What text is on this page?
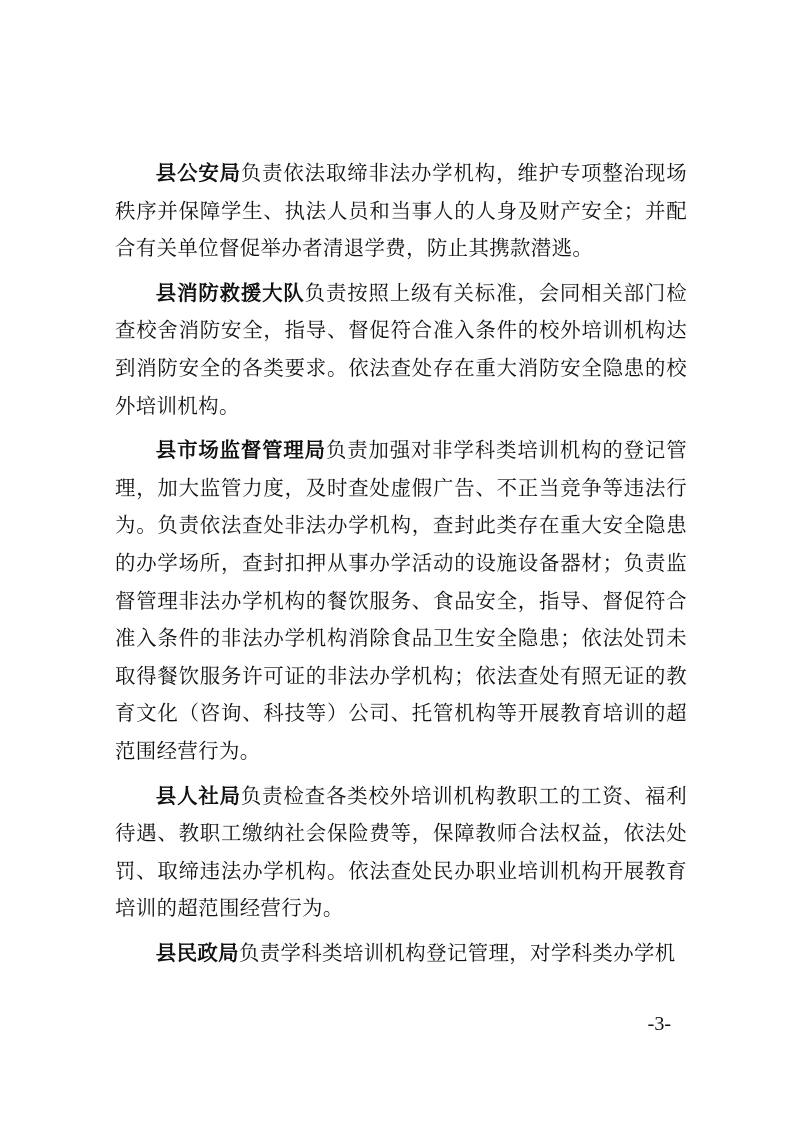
县公安局负责依法取缔非法办学机构，维护专项整治现场秩序并保障学生、执法人员和当事人的人身及财产安全；并配合有关单位督促举办者清退学费，防止其携款潜逃。

县消防救援大队负责按照上级有关标准，会同相关部门检查校舍消防安全，指导、督促符合准入条件的校外培训机构达到消防安全的各类要求。依法查处存在重大消防安全隐患的校外培训机构。

县市场监督管理局负责加强对非学科类培训机构的登记管理，加大监管力度，及时查处虚假广告、不正当竞争等违法行为。负责依法查处非法办学机构，查封此类存在重大安全隐患的办学场所，查封扣押从事办学活动的设施设备器材；负责监督管理非法办学机构的餐饮服务、食品安全，指导、督促符合准入条件的非法办学机构消除食品卫生安全隐患；依法处罚未取得餐饮服务许可证的非法办学机构；依法查处有照无证的教育文化（咨询、科技等）公司、托管机构等开展教育培训的超范围经营行为。

县人社局负责检查各类校外培训机构教职工的工资、福利待遇、教职工缴纳社会保险费等，保障教师合法权益，依法处罚、取缔违法办学机构。依法查处民办职业培训机构开展教育培训的超范围经营行为。

县民政局负责学科类培训机构登记管理，对学科类办学机

-3-
